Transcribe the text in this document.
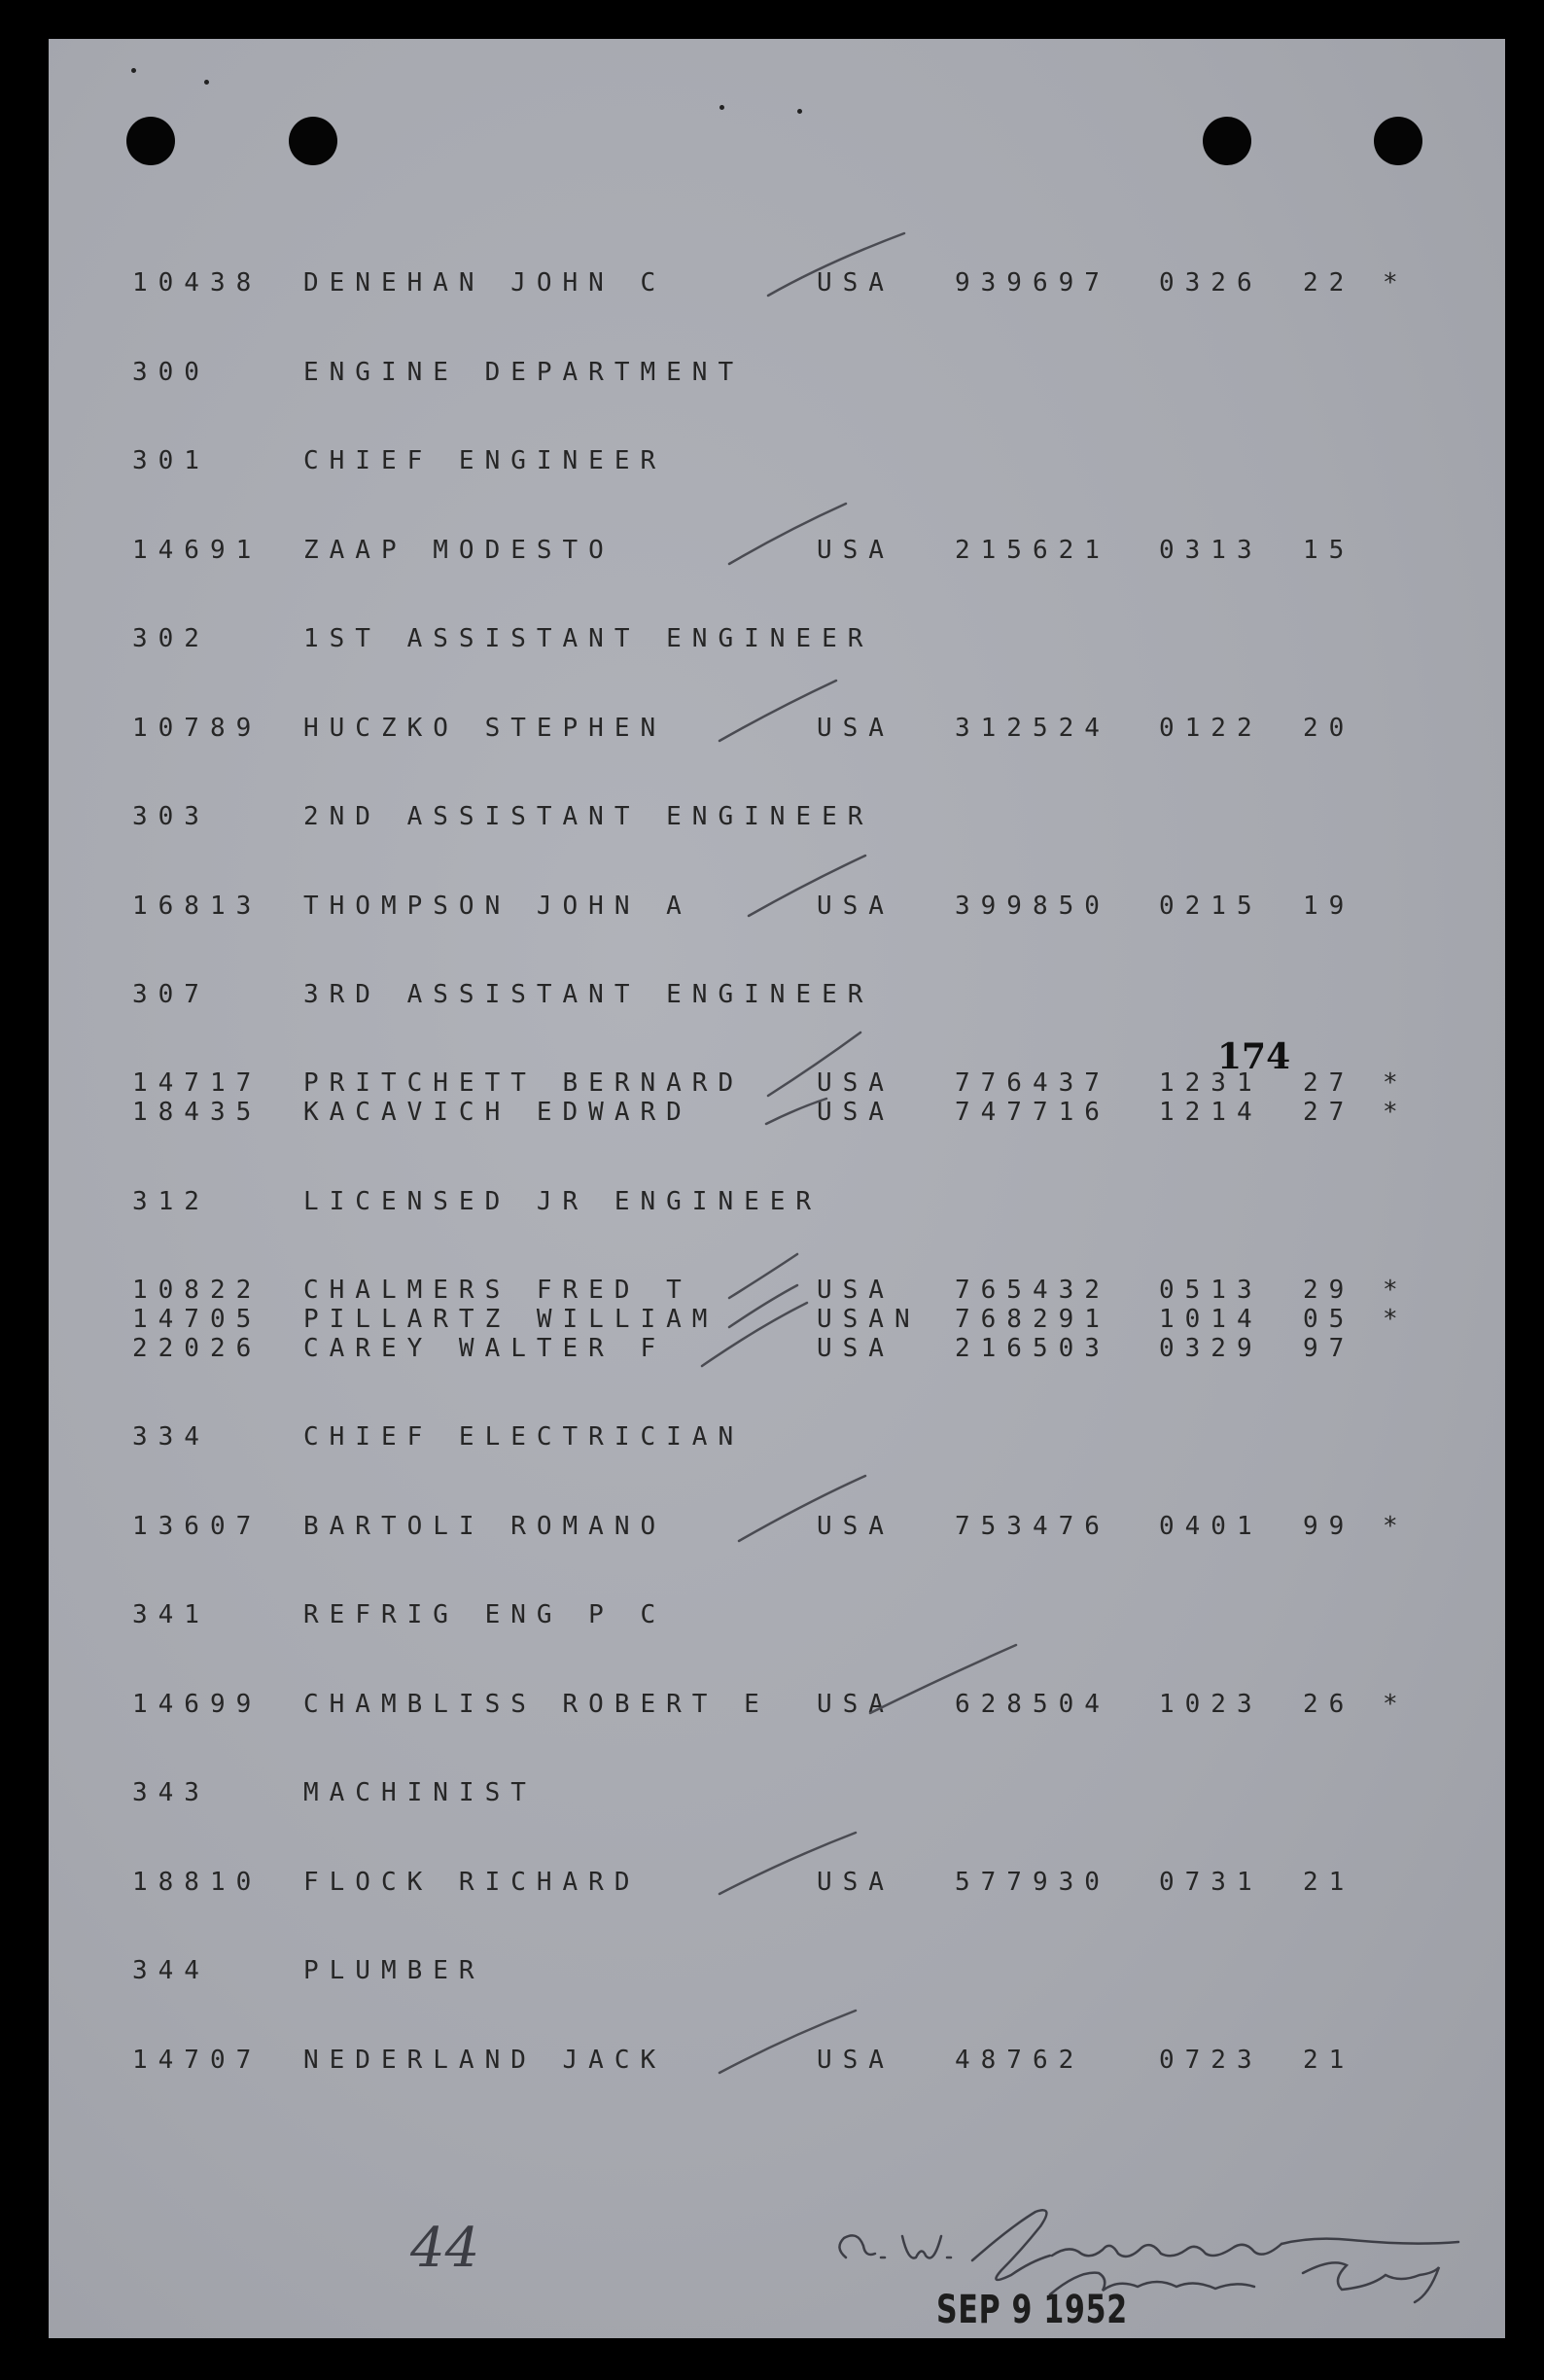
10438 DENEHAN JOHN C	USA 939697 0326 22 *
300	ENGINE DEPARTMENT
301	CHIEF ENGINEER
14691 ZAAP MODESTO	USA 215621 0313 15
302	1ST ASSISTANT ENGINEER
10789 HUCZKO STEPHEN	USA 312524 0122 20
303	2ND ASSISTANT ENGINEER
16813 THOMPSON JOHN A	USA 399850 0215 19
307	3RD ASSISTANT ENGINEER
14717 PRITCHETT BERNARD	USA 776437 1231 27 *
18435 KACAVICH EDWARD	USA 747716 1214 27 *
312	LICENSED JR ENGINEER
10822 CHALMERS FRED T	USA 765432 0513 29 *
14705 PILLARTZ WILLIAM	USAN 768291 1014 05 *
22026 CAREY WALTER F	USA 216503 0329 97
334	CHIEF ELECTRICIAN
13607 BARTOLI ROMANO	USA 753476 0401 99 *
341	REFRIG ENG P C
14699 CHAMBLISS ROBERT E USA 628504 1023 26 *
343	MACHINIST
18810 FLOCK RICHARD	USA 577930 0731 21
344	PLUMBER
14707 NEDERLAND JACK	USA 48762	0723 21
174
44
SEP 9 1952
